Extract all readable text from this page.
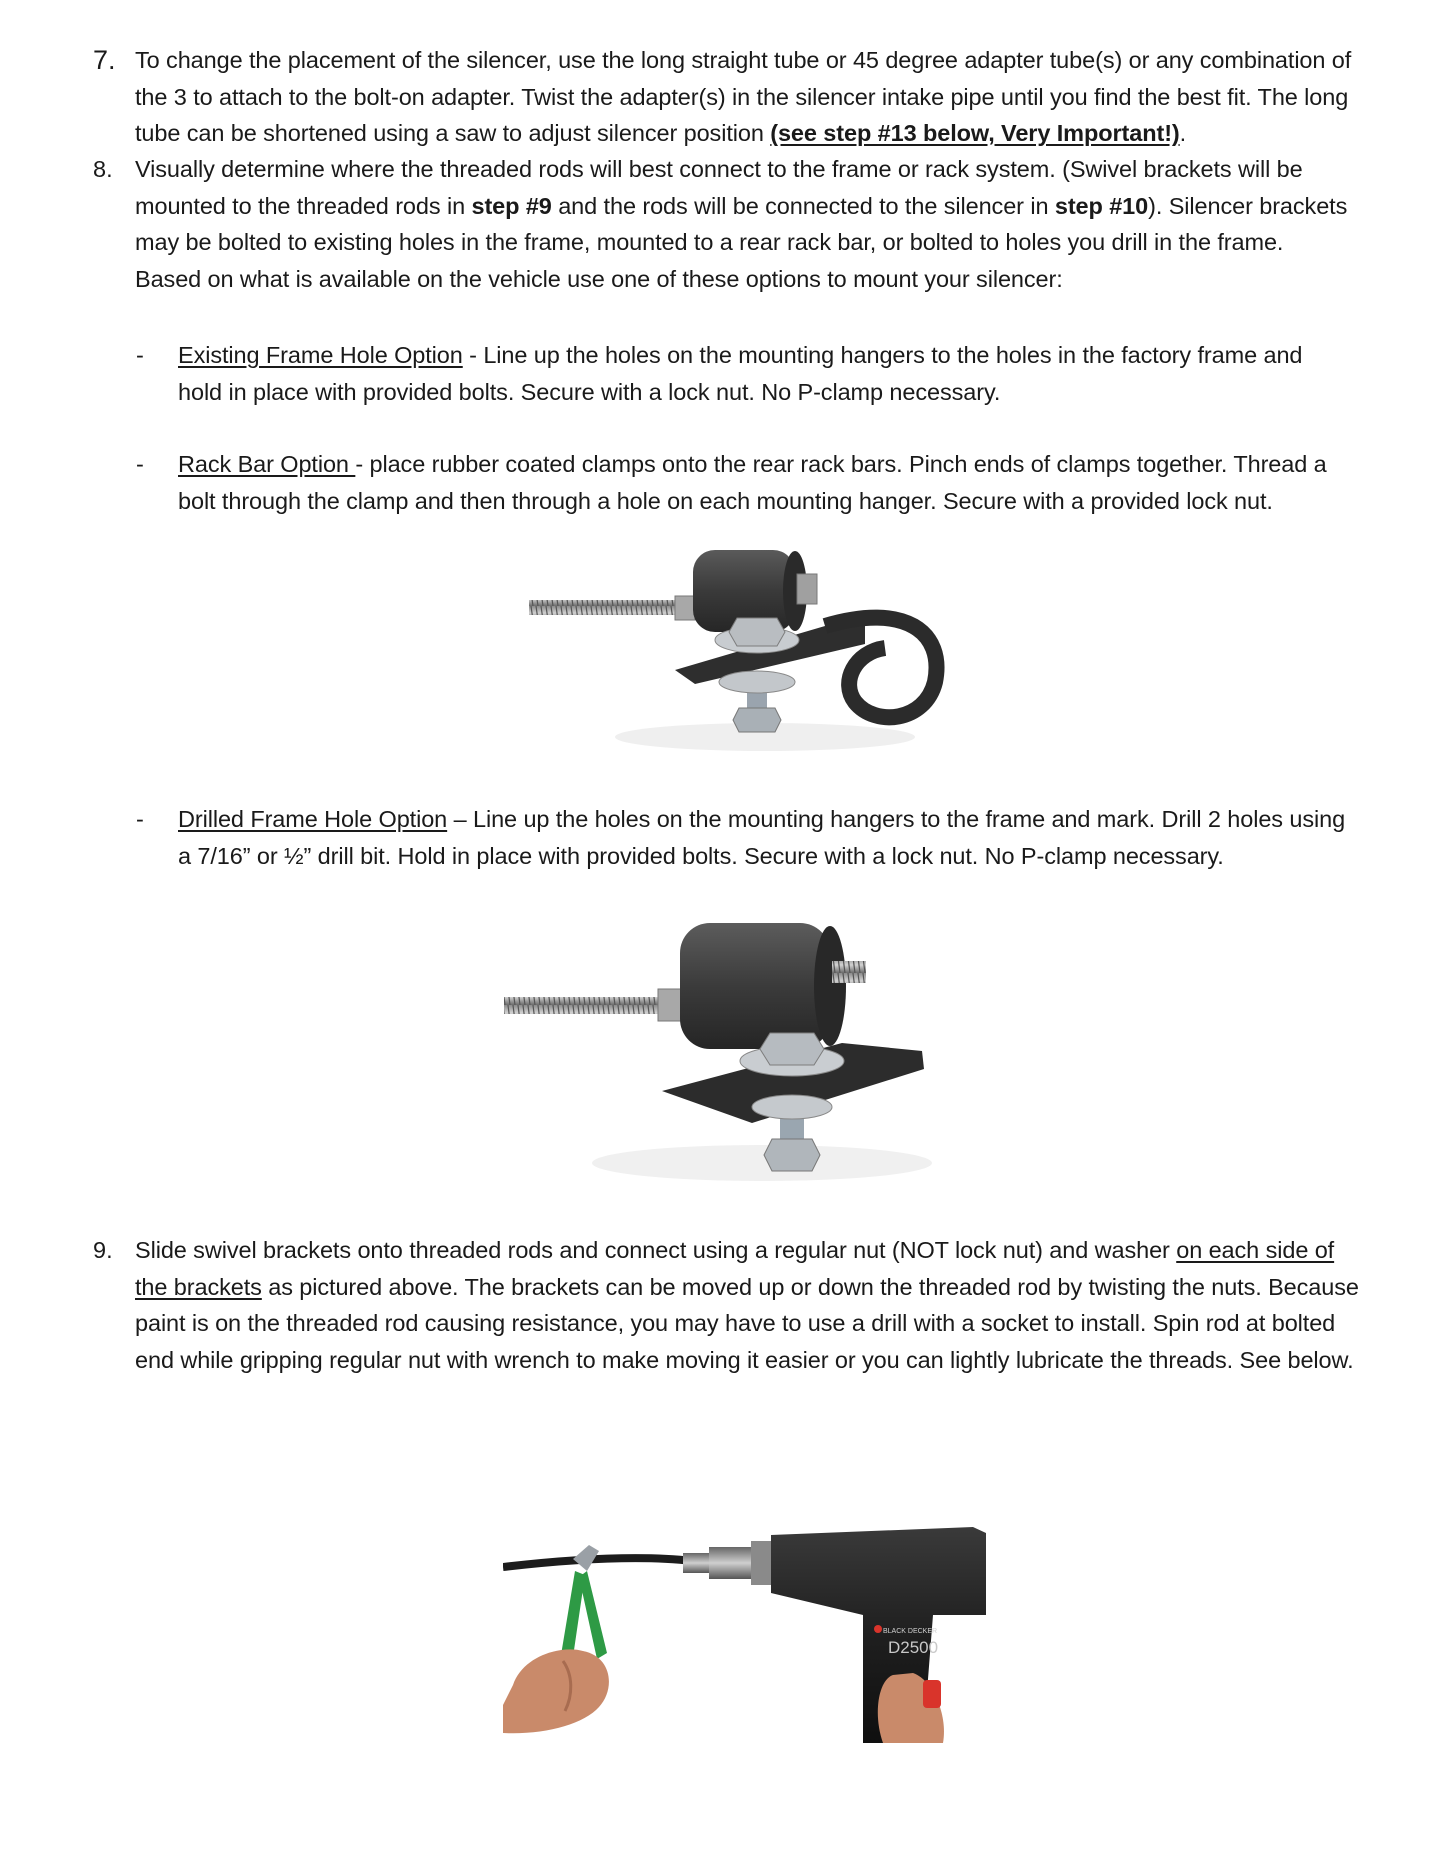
7. To change the placement of the silencer, use the long straight tube or 45 degree adapter tube(s) or any combination of the 3 to attach to the bolt-on adapter. Twist the adapter(s) in the silencer intake pipe until you find the best fit. The long tube can be shortened using a saw to adjust silencer position (see step #13 below, Very Important!).
8. Visually determine where the threaded rods will best connect to the frame or rack system. (Swivel brackets will be mounted to the threaded rods in step #9 and the rods will be connected to the silencer in step #10). Silencer brackets may be bolted to existing holes in the frame, mounted to a rear rack bar, or bolted to holes you drill in the frame. Based on what is available on the vehicle use one of these options to mount your silencer:
- Existing Frame Hole Option - Line up the holes on the mounting hangers to the holes in the factory frame and hold in place with provided bolts. Secure with a lock nut. No P-clamp necessary.
- Rack Bar Option - place rubber coated clamps onto the rear rack bars. Pinch ends of clamps together. Thread a bolt through the clamp and then through a hole on each mounting hanger. Secure with a provided lock nut.
- Drilled Frame Hole Option – Line up the holes on the mounting hangers to the frame and mark. Drill 2 holes using a 7/16” or ½” drill bit. Hold in place with provided bolts. Secure with a lock nut. No P-clamp necessary.
9. Slide swivel brackets onto threaded rods and connect using a regular nut (NOT lock nut) and washer on each side of the brackets as pictured above. The brackets can be moved up or down the threaded rod by twisting the nuts. Because paint is on the threaded rod causing resistance, you may have to use a drill with a socket to install. Spin rod at bolted end while gripping regular nut with wrench to make moving it easier or you can lightly lubricate the threads. See below.
BLACK DECKER
D2500
